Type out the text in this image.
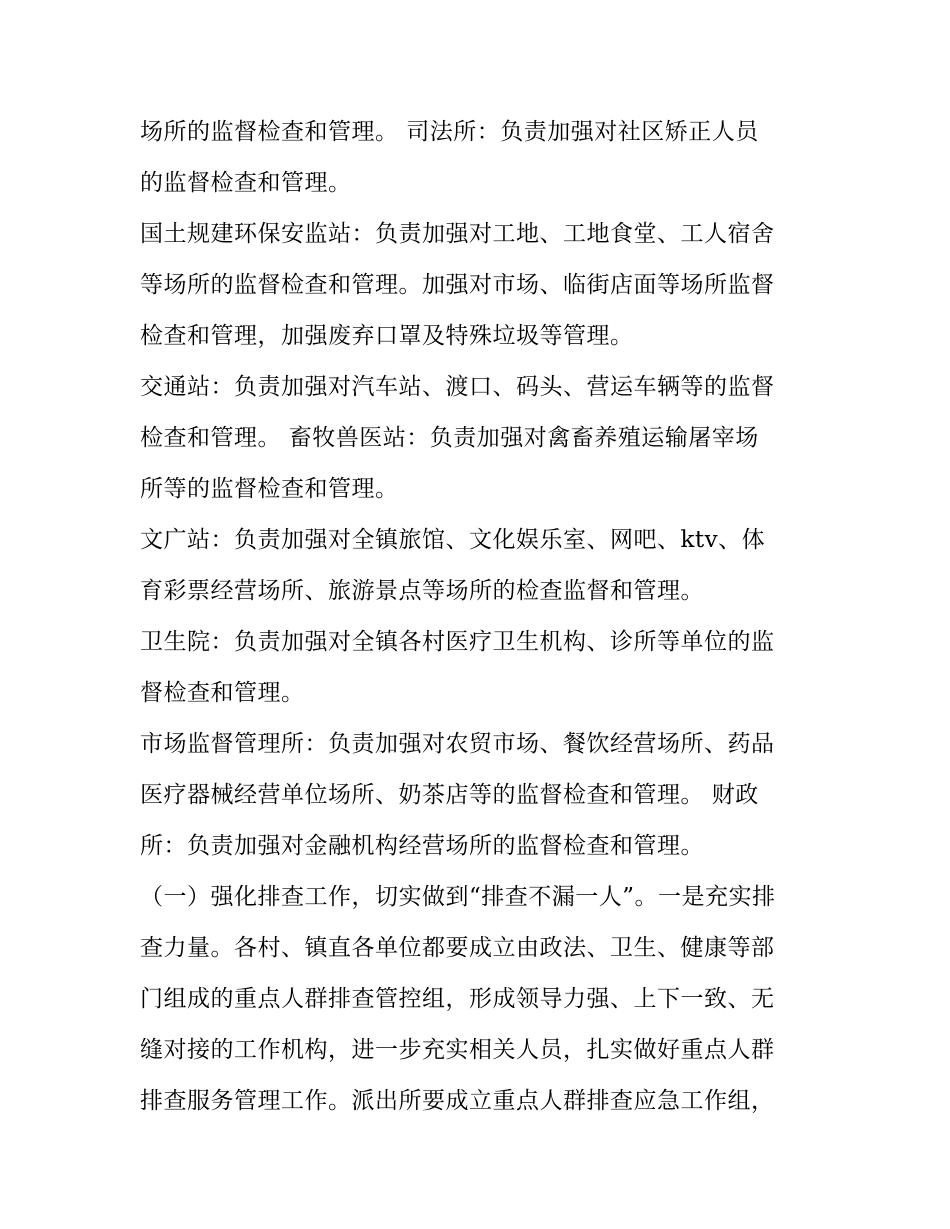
场所的监督检查和管理。 司法所：负责加强对社区矫正人员
的监督检查和管理。
国土规建环保安监站：负责加强对工地、工地食堂、工人宿舍
等场所的监督检查和管理。加强对市场、临街店面等场所监督
检查和管理，加强废弃口罩及特殊垃圾等管理。
交通站：负责加强对汽车站、渡口、码头、营运车辆等的监督
检查和管理。 畜牧兽医站：负责加强对禽畜养殖运输屠宰场
所等的监督检查和管理。
文广站：负责加强对全镇旅馆、文化娱乐室、网吧、ktv、体
育彩票经营场所、旅游景点等场所的检查监督和管理。
卫生院：负责加强对全镇各村医疗卫生机构、诊所等单位的监
督检查和管理。
市场监督管理所：负责加强对农贸市场、餐饮经营场所、药品
医疗器械经营单位场所、奶茶店等的监督检查和管理。 财政
所：负责加强对金融机构经营场所的监督检查和管理。
（一）强化排查工作，切实做到“排查不漏一人”。一是充实排
查力量。各村、镇直各单位都要成立由政法、卫生、健康等部
门组成的重点人群排查管控组，形成领导力强、上下一致、无
缝对接的工作机构，进一步充实相关人员，扎实做好重点人群
排查服务管理工作。派出所要成立重点人群排查应急工作组，
